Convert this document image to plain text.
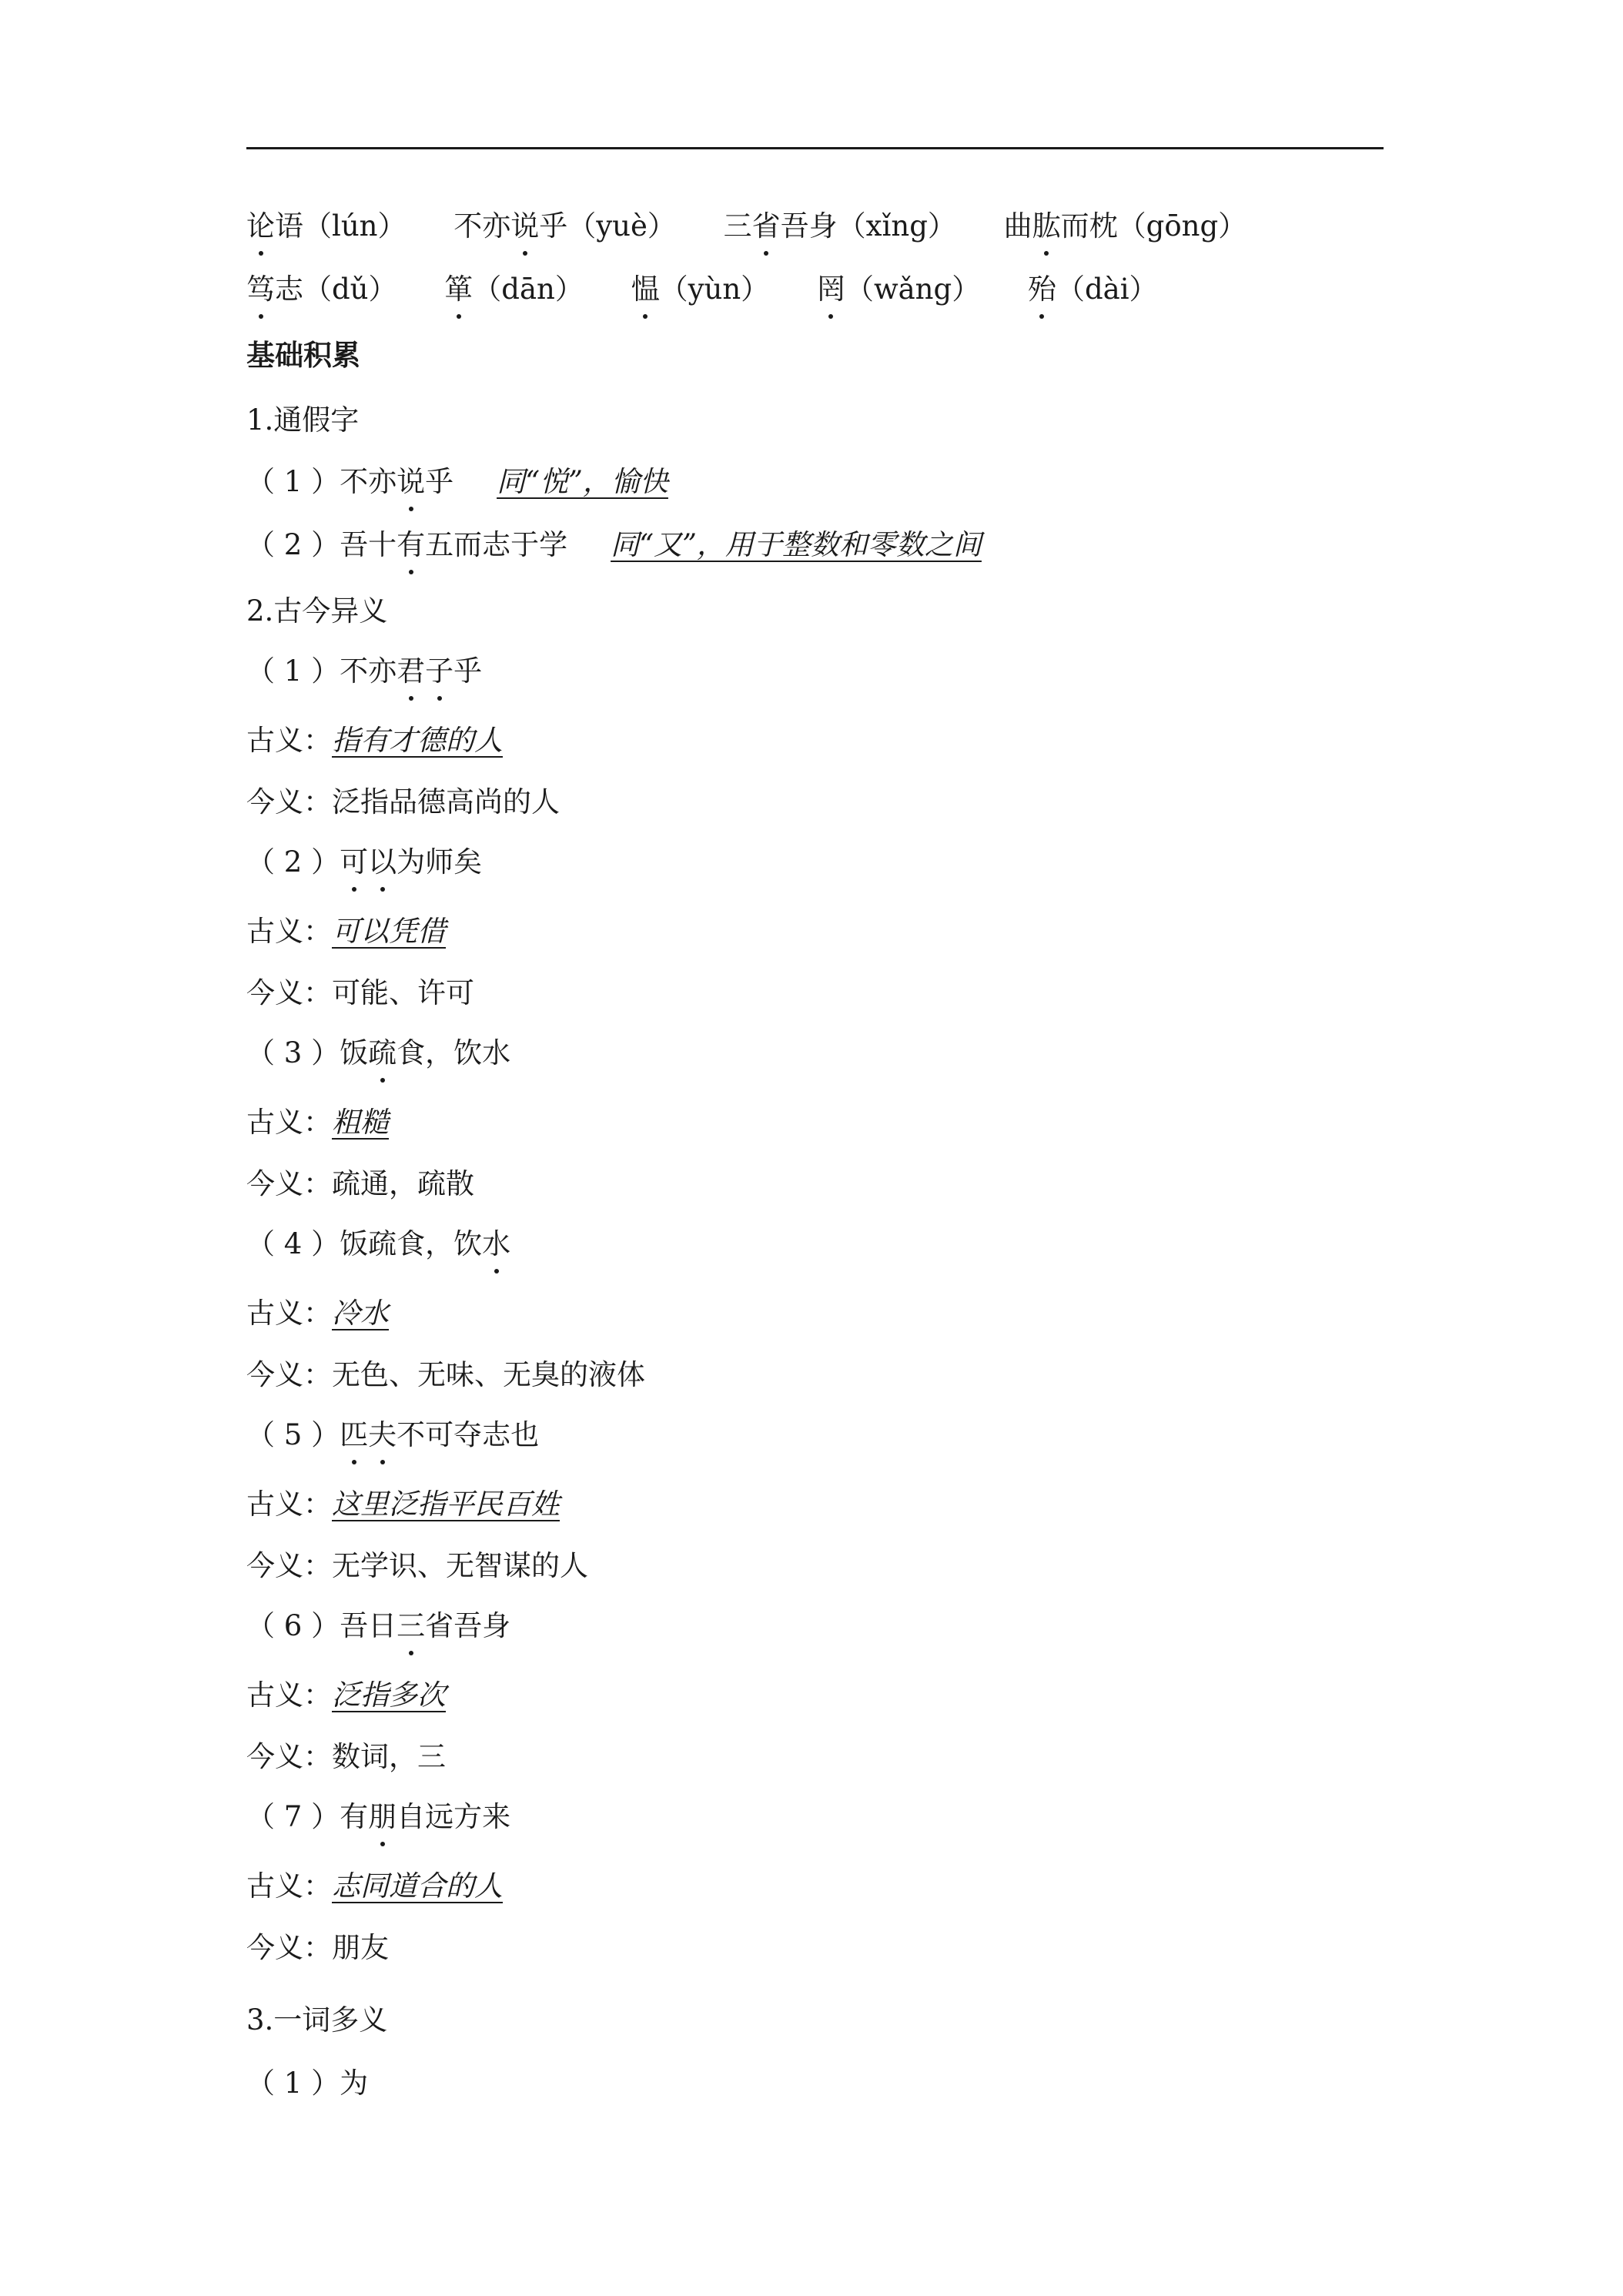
论语（lún） 不亦说乎（yuè） 三省吾身（xǐng） 曲肱而枕（gōng）
笃志（dǔ） 箪（dān） 愠（yùn） 罔（wǎng） 殆（dài）
基础积累
1.通假字
（ 1 ）不亦说乎 同“悦”，愉快
（ 2 ）吾十有五而志于学 同“又”，用于整数和零数之间
2.古今异义
（ 1 ）不亦君子乎
古义：指有才德的人
今义：泛指品德高尚的人
（ 2 ）可以为师矣
古义：可以凭借
今义：可能、许可
（ 3 ）饭疏食，饮水
古义：粗糙
今义：疏通，疏散
（ 4 ）饭疏食，饮水
古义：冷水
今义：无色、无味、无臭的液体
（ 5 ）匹夫不可夺志也
古义：这里泛指平民百姓
今义：无学识、无智谋的人
（ 6 ）吾日三省吾身
古义：泛指多次
今义：数词，三
（ 7 ）有朋自远方来
古义：志同道合的人
今义：朋友
3.一词多义
（ 1 ）为
